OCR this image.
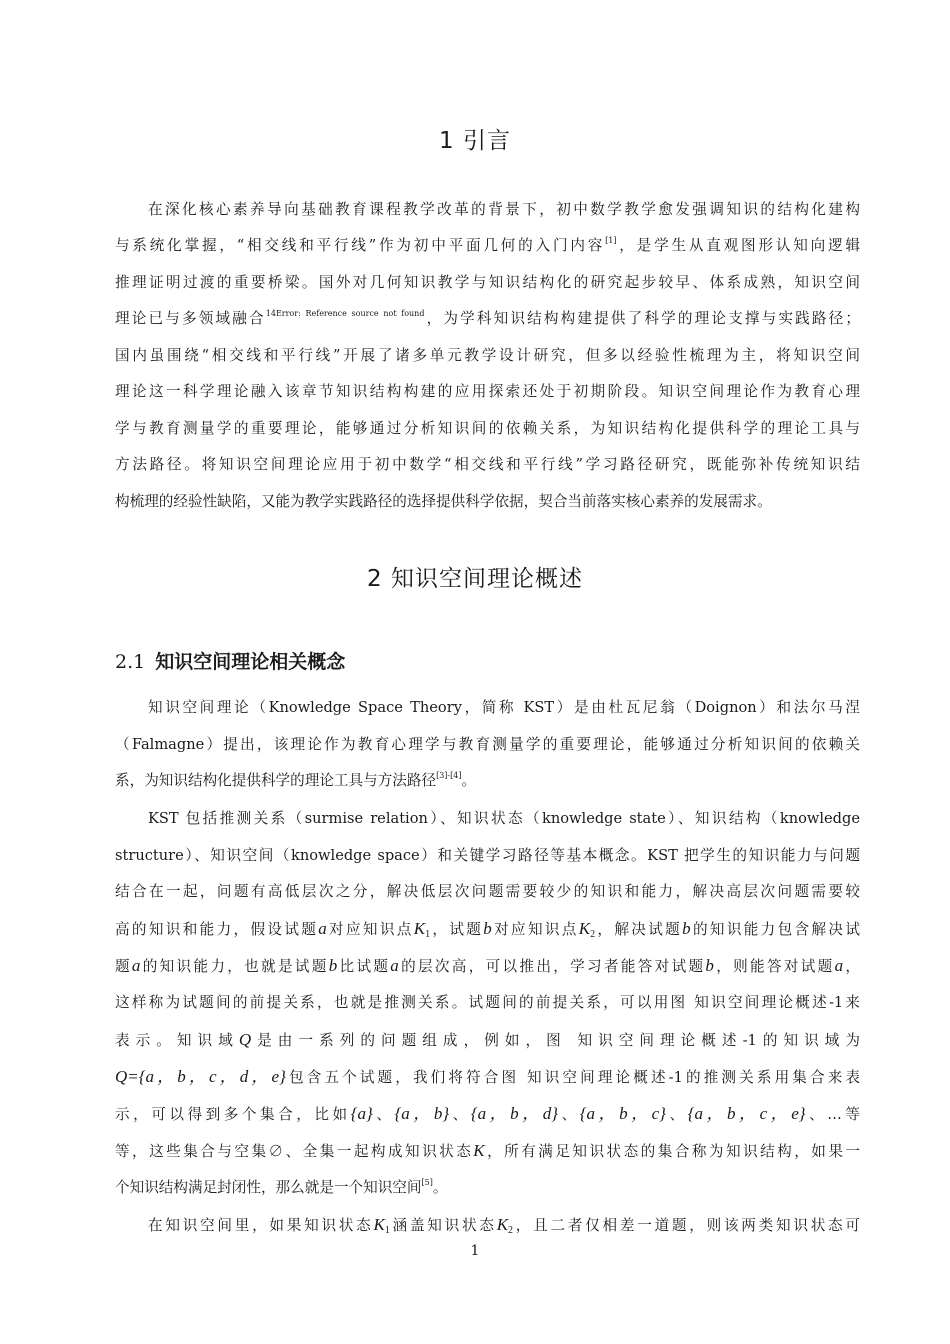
1 引言
在深化核心素养导向基础教育课程教学改革的背景下，初中数学教学愈发强调知识的结构化建构
与系统化掌握，“相交线和平行线”作为初中平面几何的入门内容[1]，是学生从直观图形认知向逻辑
推理证明过渡的重要桥梁。国外对几何知识教学与知识结构化的研究起步较早、体系成熟，知识空间
理论已与多领域融合$^{14Error: Reference source not found}$，为学科知识结构构建提供了科学的理论支撑与实践路径；
国内虽围绕“相交线和平行线”开展了诸多单元教学设计研究，但多以经验性梳理为主，将知识空间
理论这一科学理论融入该章节知识结构构建的应用探索还处于初期阶段。知识空间理论作为教育心理
学与教育测量学的重要理论，能够通过分析知识间的依赖关系，为知识结构化提供科学的理论工具与
方法路径。将知识空间理论应用于初中数学“相交线和平行线”学习路径研究，既能弥补传统知识结
构梳理的经验性缺陷，又能为教学实践路径的选择提供科学依据，契合当前落实核心素养的发展需求。
2 知识空间理论概述
2.1 知识空间理论相关概念
知识空间理论（Knowledge Space Theory，简称 KST）是由杜瓦尼翁（Doignon）和法尔马涅
（Falmagne）提出，该理论作为教育心理学与教育测量学的重要理论，能够通过分析知识间的依赖关
系，为知识结构化提供科学的理论工具与方法路径[3]-[4]。
KST 包括推测关系（surmise relation）、知识状态（knowledge state）、知识结构（knowledge
structure）、知识空间（knowledge space）和关键学习路径等基本概念。KST 把学生的知识能力与问题
结合在一起，问题有高低层次之分，解决低层次问题需要较少的知识和能力，解决高层次问题需要较
高的知识和能力，假设试题a对应知识点K1，试题b对应知识点K2，解决试题b的知识能力包含解决试
题a的知识能力，也就是试题b比试题a的层次高，可以推出，学习者能答对试题b，则能答对试题a，
这样称为试题间的前提关系，也就是推测关系。试题间的前提关系，可以用图 知识空间理论概述-1来
表示。知识域Q是由一系列的问题组成，例如，图 知识空间理论概述-1的知识域为
Q={a，b，c，d，e}包含五个试题，我们将符合图 知识空间理论概述-1的推测关系用集合来表
示，可以得到多个集合，比如{a}、{a，b}、{a，b，d}、{a，b，c}、{a，b，c，e}、…等
等，这些集合与空集∅、全集一起构成知识状态K，所有满足知识状态的集合称为知识结构，如果一
个知识结构满足封闭性，那么就是一个知识空间[5]。
在知识空间里，如果知识状态K1涵盖知识状态K2，且二者仅相差一道题，则该两类知识状态可
1
